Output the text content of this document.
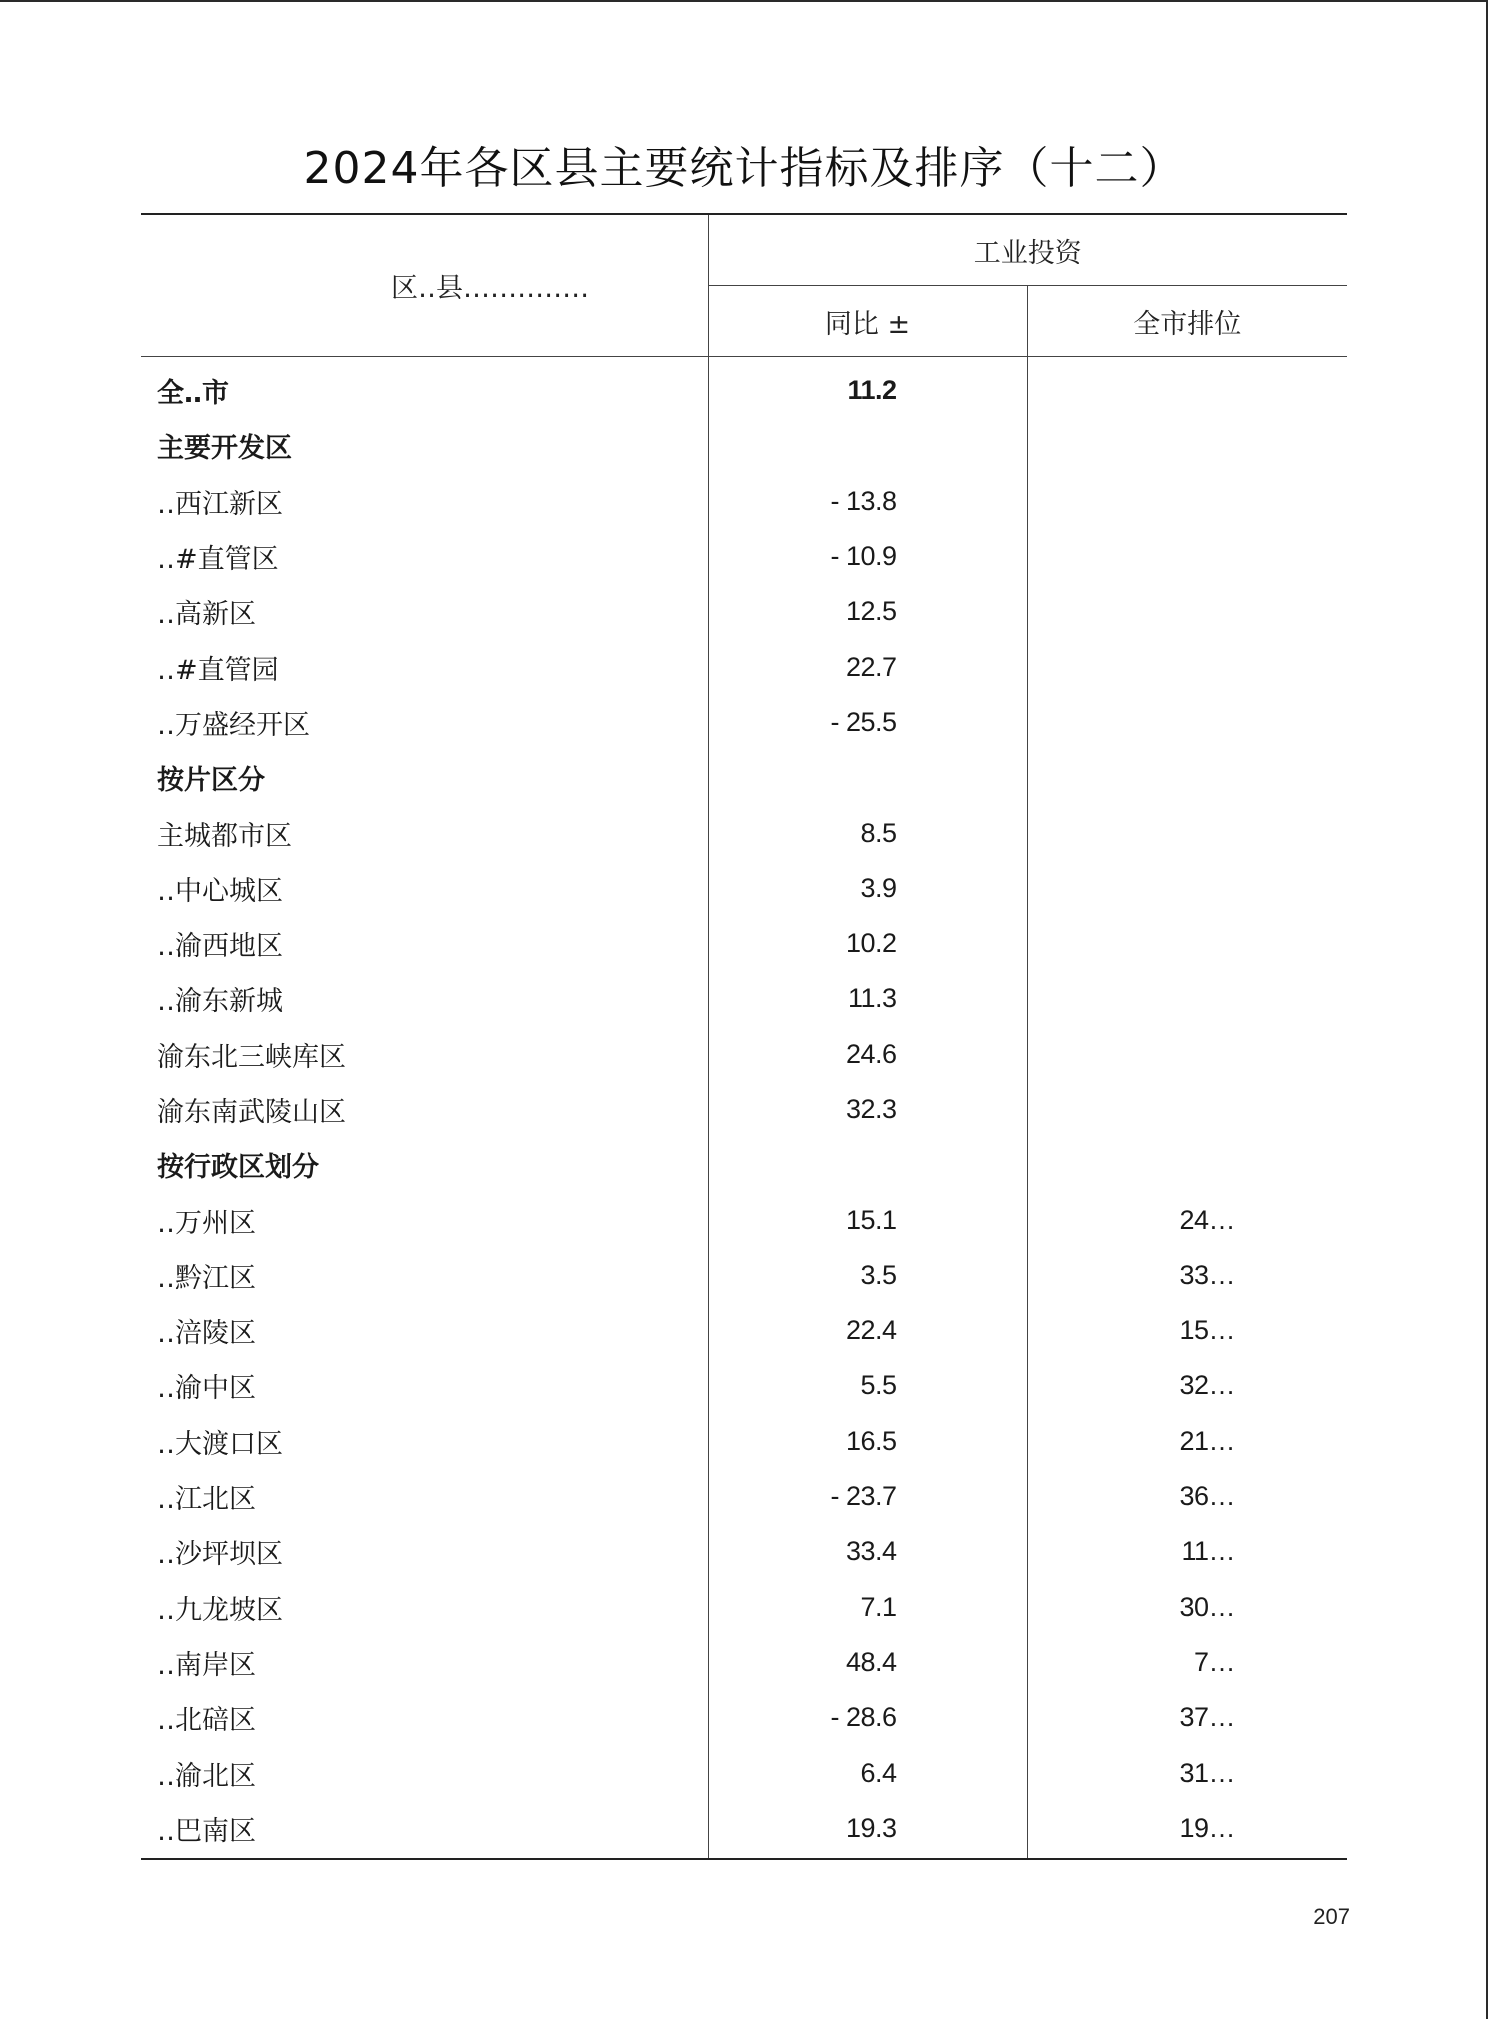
2024年各区县主要统计指标及排序（十二）
区‥县‥‥‥‥‥‥‥	工业投资	
	同比 ±	全市排位
全‥市	11.2	
主要开发区		
‥西江新区	- 13.8	
‥#直管区	- 10.9	
‥高新区	12.5	
‥#直管园	22.7	
‥万盛经开区	- 25.5	
按片区分		
主城都市区	8.5	
‥中心城区	3.9	
‥渝西地区	10.2	
‥渝东新城	11.3	
渝东北三峡库区	24.6	
渝东南武陵山区	32.3	
按行政区划分		
‥万州区	15.1	24…
‥黔江区	3.5	33…
‥涪陵区	22.4	15…
‥渝中区	5.5	32…
‥大渡口区	16.5	21…
‥江北区	- 23.7	36…
‥沙坪坝区	33.4	11…
‥九龙坡区	7.1	30…
‥南岸区	48.4	7…
‥北碚区	- 28.6	37…
‥渝北区	6.4	31…
‥巴南区	19.3	19…
207
